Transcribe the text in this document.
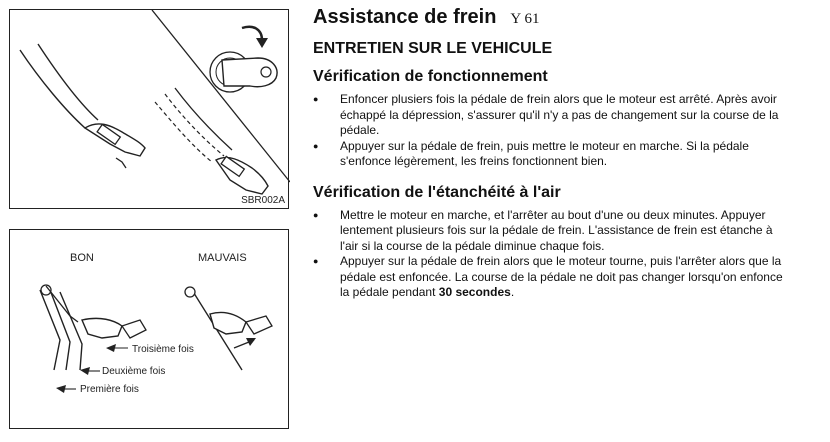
SBR002A
BON	MAUVAIS
Troisième fois
Deuxième fois
Première fois
Assistance de frein Y 61
ENTRETIEN SUR LE VEHICULE
Vérification de fonctionnement
● Enfoncer plusiers fois la pédale de frein alors que le moteur est arrêté. Après avoir échappé la dépression, s'assurer qu'il n'y a pas de changement sur la course de la pédale.
● Appuyer sur la pédale de frein, puis mettre le moteur en marche. Si la pédale s'enfonce légèrement, les freins fonctionnent bien.
Vérification de l'étanchéité à l'air
● Mettre le moteur en marche, et l'arrêter au bout d'une ou deux minutes. Appuyer lentement plusieurs fois sur la pédale de frein. L'assistance de frein est étanche à l'air si la course de la pédale diminue chaque fois.
● Appuyer sur la pédale de frein alors que le moteur tourne, puis l'arrêter alors que la pédale est enfoncée. La course de la pédale ne doit pas changer lorsqu'on enfonce la pédale pendant 30 secondes.
